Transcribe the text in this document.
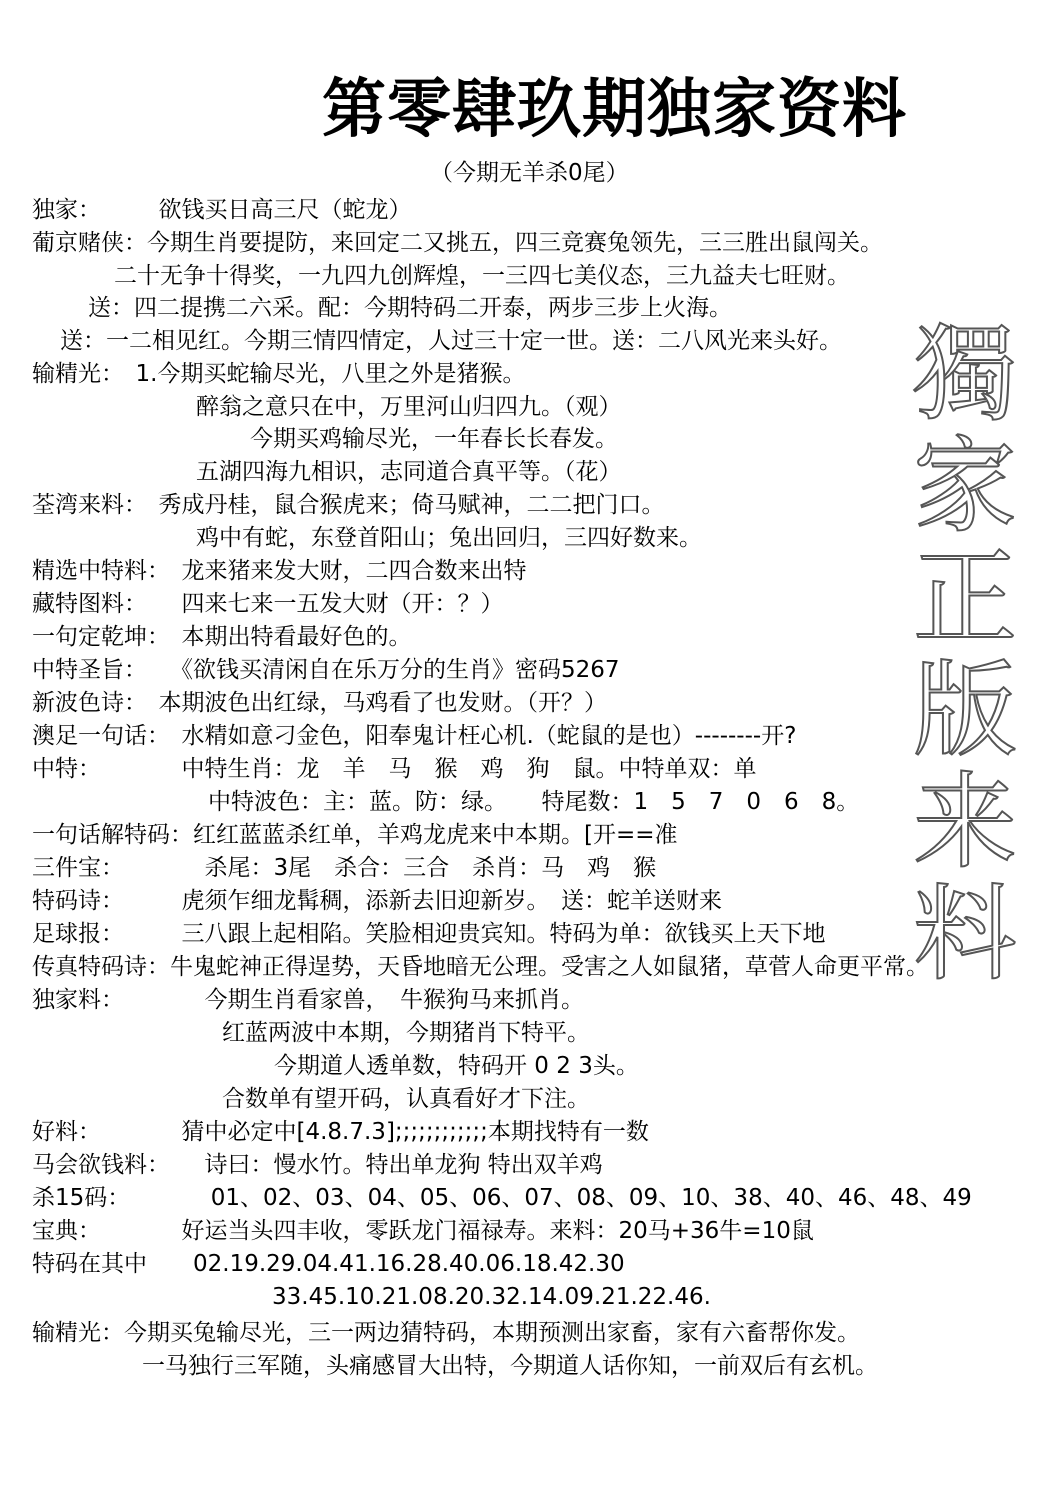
第零肆玖期独家资料
（今期无羊杀0尾）
獨
家
正
版
来
料
独家：　　　欲钱买日高三尺（蛇龙）
葡京赌侠：今期生肖要提防，来回定二又挑五，四三竞赛兔领先，三三胜出鼠闯关。
二十无争十得奖，一九四九创辉煌，一三四七美仪态，三九益夫七旺财。
送：四二提携二六采。配：今期特码二开泰，两步三步上火海。
送：一二相见红。今期三情四情定，人过三十定一世。送：二八风光来头好。
输精光：　1.今期买蛇输尽光，八里之外是猪猴。
醉翁之意只在中，万里河山归四九。（观）
今期买鸡输尽光，一年春长长春发。
五湖四海九相识，志同道合真平等。（花）
荃湾来料：　秀成丹桂，鼠合猴虎来；倚马赋神，二二把门口。
鸡中有蛇，东登首阳山；兔出回归，三四好数来。
精选中特料：　龙来猪来发大财，二四合数来出特
藏特图料：　　四来七来一五发大财（开：？）
一句定乾坤：　本期出特看最好色的。
中特圣旨：　　《欲钱买清闲自在乐万分的生肖》密码5267
新波色诗：　本期波色出红绿，马鸡看了也发财。（开？）
澳足一句话：　水精如意刁金色，阳奉鬼计枉心机.（蛇鼠的是也）--------开?
中特：　　　　中特生肖：龙　羊　马　猴　鸡　狗　鼠。中特单双：单
中特波色：主：蓝。防：绿。　　特尾数：1　5　7　0　6　8。
一句话解特码：红红蓝蓝杀红单，羊鸡龙虎来中本期。[开==准
三件宝：　　　　杀尾：3尾　杀合：三合　杀肖：马　鸡　猴
特码诗：　　　虎须乍细龙髯稠，添新去旧迎新岁。　送：蛇羊送财来
足球报：　　　三八跟上起相陷。笑脸相迎贵宾知。特码为单：欲钱买上天下地
传真特码诗：牛鬼蛇神正得逞势，天昏地暗无公理。受害之人如鼠猪，草菅人命更平常。
独家料：　　　　今期生肖看家兽，　牛猴狗马来抓肖。
红蓝两波中本期，今期猪肖下特平。
今期道人透单数，特码开 0 2 3头。
合数单有望开码，认真看好才下注。
好料：　　　　猜中必定中[4.8.7.3];;;;;;;;;;;;本期找特有一数
马会欲钱料：　　诗曰：慢水竹。特出单龙狗 特出双羊鸡
杀15码：　　　　01、02、03、04、05、06、07、08、09、10、38、40、46、48、49
宝典：　　　　好运当头四丰收，零跃龙门福禄寿。来料：20马+36牛=10鼠
特码在其中　　02.19.29.04.41.16.28.40.06.18.42.30
33.45.10.21.08.20.32.14.09.21.22.46.
输精光：今期买兔输尽光，三一两边猜特码，本期预测出家畜，家有六畜帮你发。
一马独行三军随，头痛感冒大出特，今期道人话你知，一前双后有玄机。
